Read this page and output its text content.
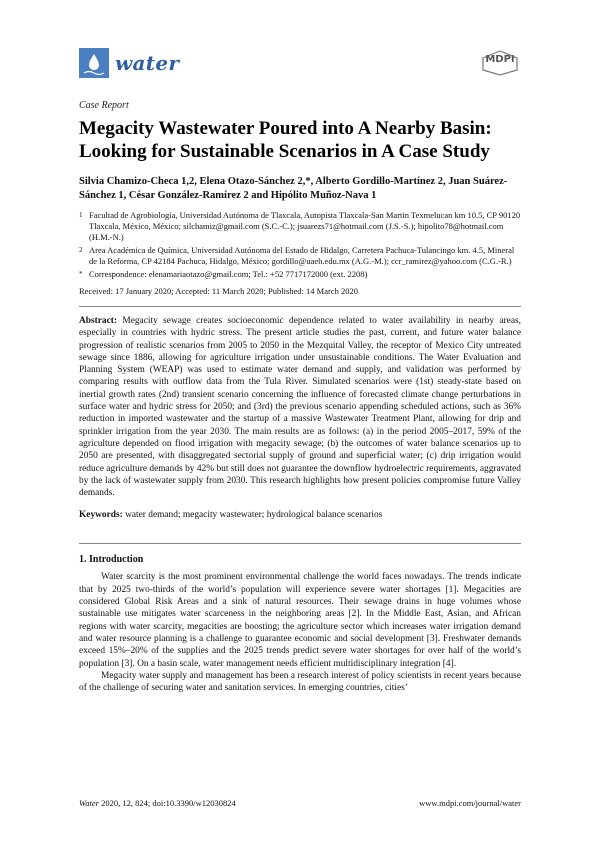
water	MDPI
Case Report
Megacity Wastewater Poured into A Nearby Basin: Looking for Sustainable Scenarios in A Case Study
Silvia Chamizo-Checa 1,2, Elena Otazo-Sánchez 2,*, Alberto Gordillo-Martínez 2, Juan Suárez-Sánchez 1, César González-Ramírez 2 and Hipólito Muñoz-Nava 1
1 Facultad de Agrobiología, Universidad Autónoma de Tlaxcala, Autopista Tlaxcala-San Martin Texmelucan km 10.5, CP 90120 Tlaxcala, México, México; silchamiz@gmail.com (S.C.-C.); jsuarezs71@hotmail.com (J.S.-S.); hipolito78@hotmail.com (H.M.-N.)
2 Area Académica de Química, Universidad Autónoma del Estado de Hidalgo, Carretera Pachuca-Tulancingo km. 4.5, Mineral de la Reforma, CP 42184 Pachuca, Hidalgo, México; gordillo@uaeh.edu.mx (A.G.-M.); ccr_ramirez@yahoo.com (C.G.-R.)
* Correspondence: elenamariaotazo@gmail.com; Tel.: +52 7717172000 (ext. 2208)
Received: 17 January 2020; Accepted: 11 March 2020; Published: 14 March 2020
Abstract: Megacity sewage creates socioeconomic dependence related to water availability in nearby areas, especially in countries with hydric stress. The present article studies the past, current, and future water balance progression of realistic scenarios from 2005 to 2050 in the Mezquital Valley, the receptor of Mexico City untreated sewage since 1886, allowing for agriculture irrigation under unsustainable conditions. The Water Evaluation and Planning System (WEAP) was used to estimate water demand and supply, and validation was performed by comparing results with outflow data from the Tula River. Simulated scenarios were (1st) steady-state based on inertial growth rates (2nd) transient scenario concerning the influence of forecasted climate change perturbations in surface water and hydric stress for 2050; and (3rd) the previous scenario appending scheduled actions, such as 36% reduction in imported wastewater and the startup of a massive Wastewater Treatment Plant, allowing for drip and sprinkler irrigation from the year 2030. The main results are as follows: (a) in the period 2005–2017, 59% of the agriculture depended on flood irrigation with megacity sewage; (b) the outcomes of water balance scenarios up to 2050 are presented, with disaggregated sectorial supply of ground and superficial water; (c) drip irrigation would reduce agriculture demands by 42% but still does not guarantee the downflow hydroelectric requirements, aggravated by the lack of wastewater supply from 2030. This research highlights how present policies compromise future Valley demands.
Keywords: water demand; megacity wastewater; hydrological balance scenarios
1. Introduction

Water scarcity is the most prominent environmental challenge the world faces nowadays. The trends indicate that by 2025 two-thirds of the world’s population will experience severe water shortages [1]. Megacities are considered Global Risk Areas and a sink of natural resources. Their sewage drains in huge volumes whose sustainable use mitigates water scarceness in the neighboring areas [2]. In the Middle East, Asian, and African regions with water scarcity, megacities are boosting; the agriculture sector which increases water irrigation demand and water resource planning is a challenge to guarantee economic and social development [3]. Freshwater demands exceed 15%–20% of the supplies and the 2025 trends predict severe water shortages for over half of the world’s population [3]. On a basin scale, water management needs efficient multidisciplinary integration [4].

Megacity water supply and management has been a research interest of policy scientists in recent years because of the challenge of securing water and sanitation services. In emerging countries, cities’

Water 2020, 12, 824; doi:10.3390/w12030824	www.mdpi.com/journal/water
